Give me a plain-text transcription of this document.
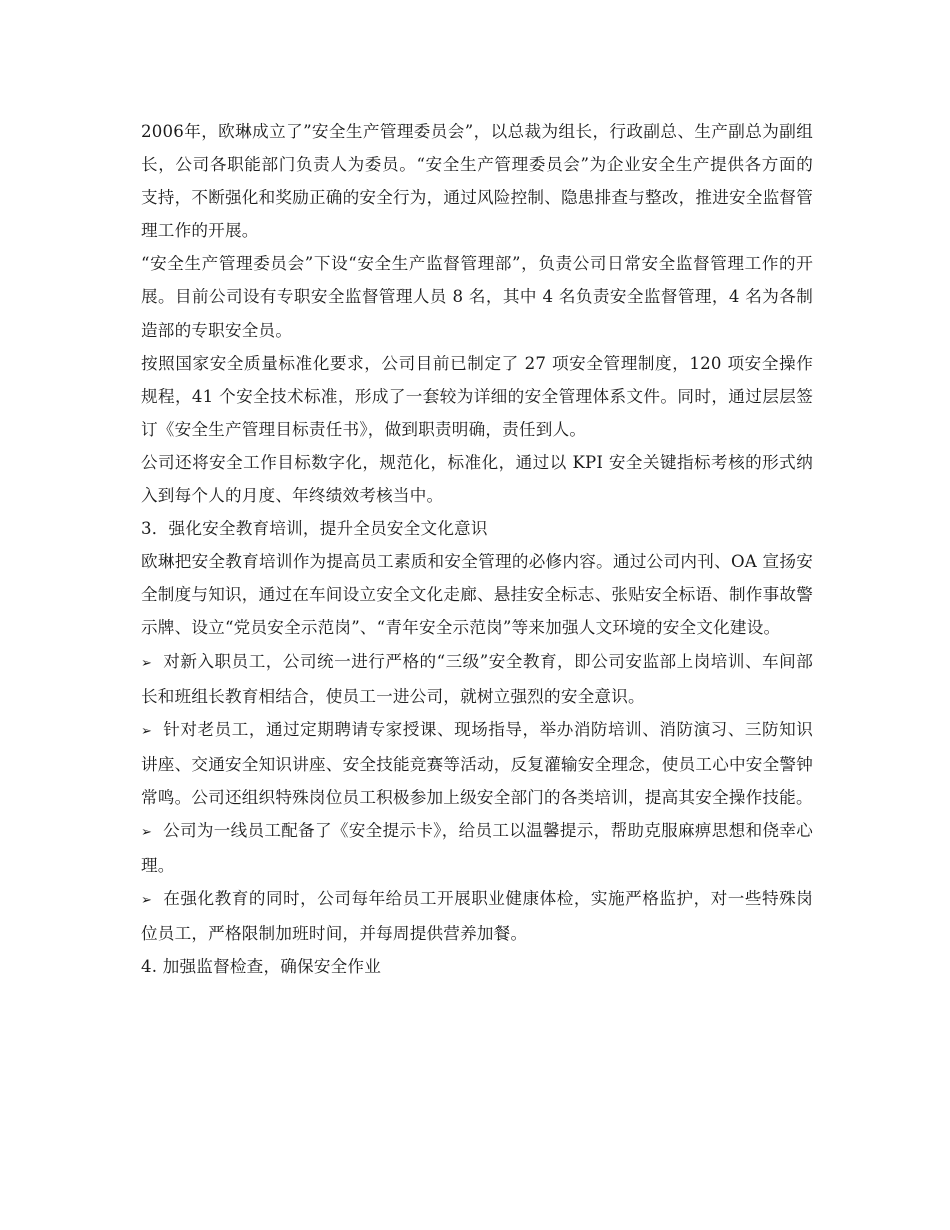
2006年，欧琳成立了”安全生产管理委员会”，以总裁为组长，行政副总、生产副总为副组长，公司各职能部门负责人为委员。“安全生产管理委员会”为企业安全生产提供各方面的支持，不断强化和奖励正确的安全行为，通过风险控制、隐患排查与整改，推进安全监督管理工作的开展。

“安全生产管理委员会”下设“安全生产监督管理部”，负责公司日常安全监督管理工作的开展。目前公司设有专职安全监督管理人员 8 名，其中 4 名负责安全监督管理，4 名为各制造部的专职安全员。

按照国家安全质量标准化要求，公司目前已制定了 27 项安全管理制度，120 项安全操作规程，41 个安全技术标准，形成了一套较为详细的安全管理体系文件。同时，通过层层签订《安全生产管理目标责任书》，做到职责明确，责任到人。

公司还将安全工作目标数字化，规范化，标准化，通过以 KPI 安全关键指标考核的形式纳入到每个人的月度、年终绩效考核当中。

3．强化安全教育培训，提升全员安全文化意识

欧琳把安全教育培训作为提高员工素质和安全管理的必修内容。通过公司内刊、OA 宣扬安全制度与知识，通过在车间设立安全文化走廊、悬挂安全标志、张贴安全标语、制作事故警示牌、设立“党员安全示范岗”、“青年安全示范岗”等来加强人文环境的安全文化建设。

➢ 对新入职员工，公司统一进行严格的“三级”安全教育，即公司安监部上岗培训、车间部长和班组长教育相结合，使员工一进公司，就树立强烈的安全意识。

➢ 针对老员工，通过定期聘请专家授课、现场指导，举办消防培训、消防演习、三防知识讲座、交通安全知识讲座、安全技能竞赛等活动，反复灌输安全理念，使员工心中安全警钟常鸣。公司还组织特殊岗位员工积极参加上级安全部门的各类培训，提高其安全操作技能。

➢ 公司为一线员工配备了《安全提示卡》，给员工以温馨提示，帮助克服麻痹思想和侥幸心理。

➢ 在强化教育的同时，公司每年给员工开展职业健康体检，实施严格监护，对一些特殊岗位员工，严格限制加班时间，并每周提供营养加餐。

4. 加强监督检查，确保安全作业
